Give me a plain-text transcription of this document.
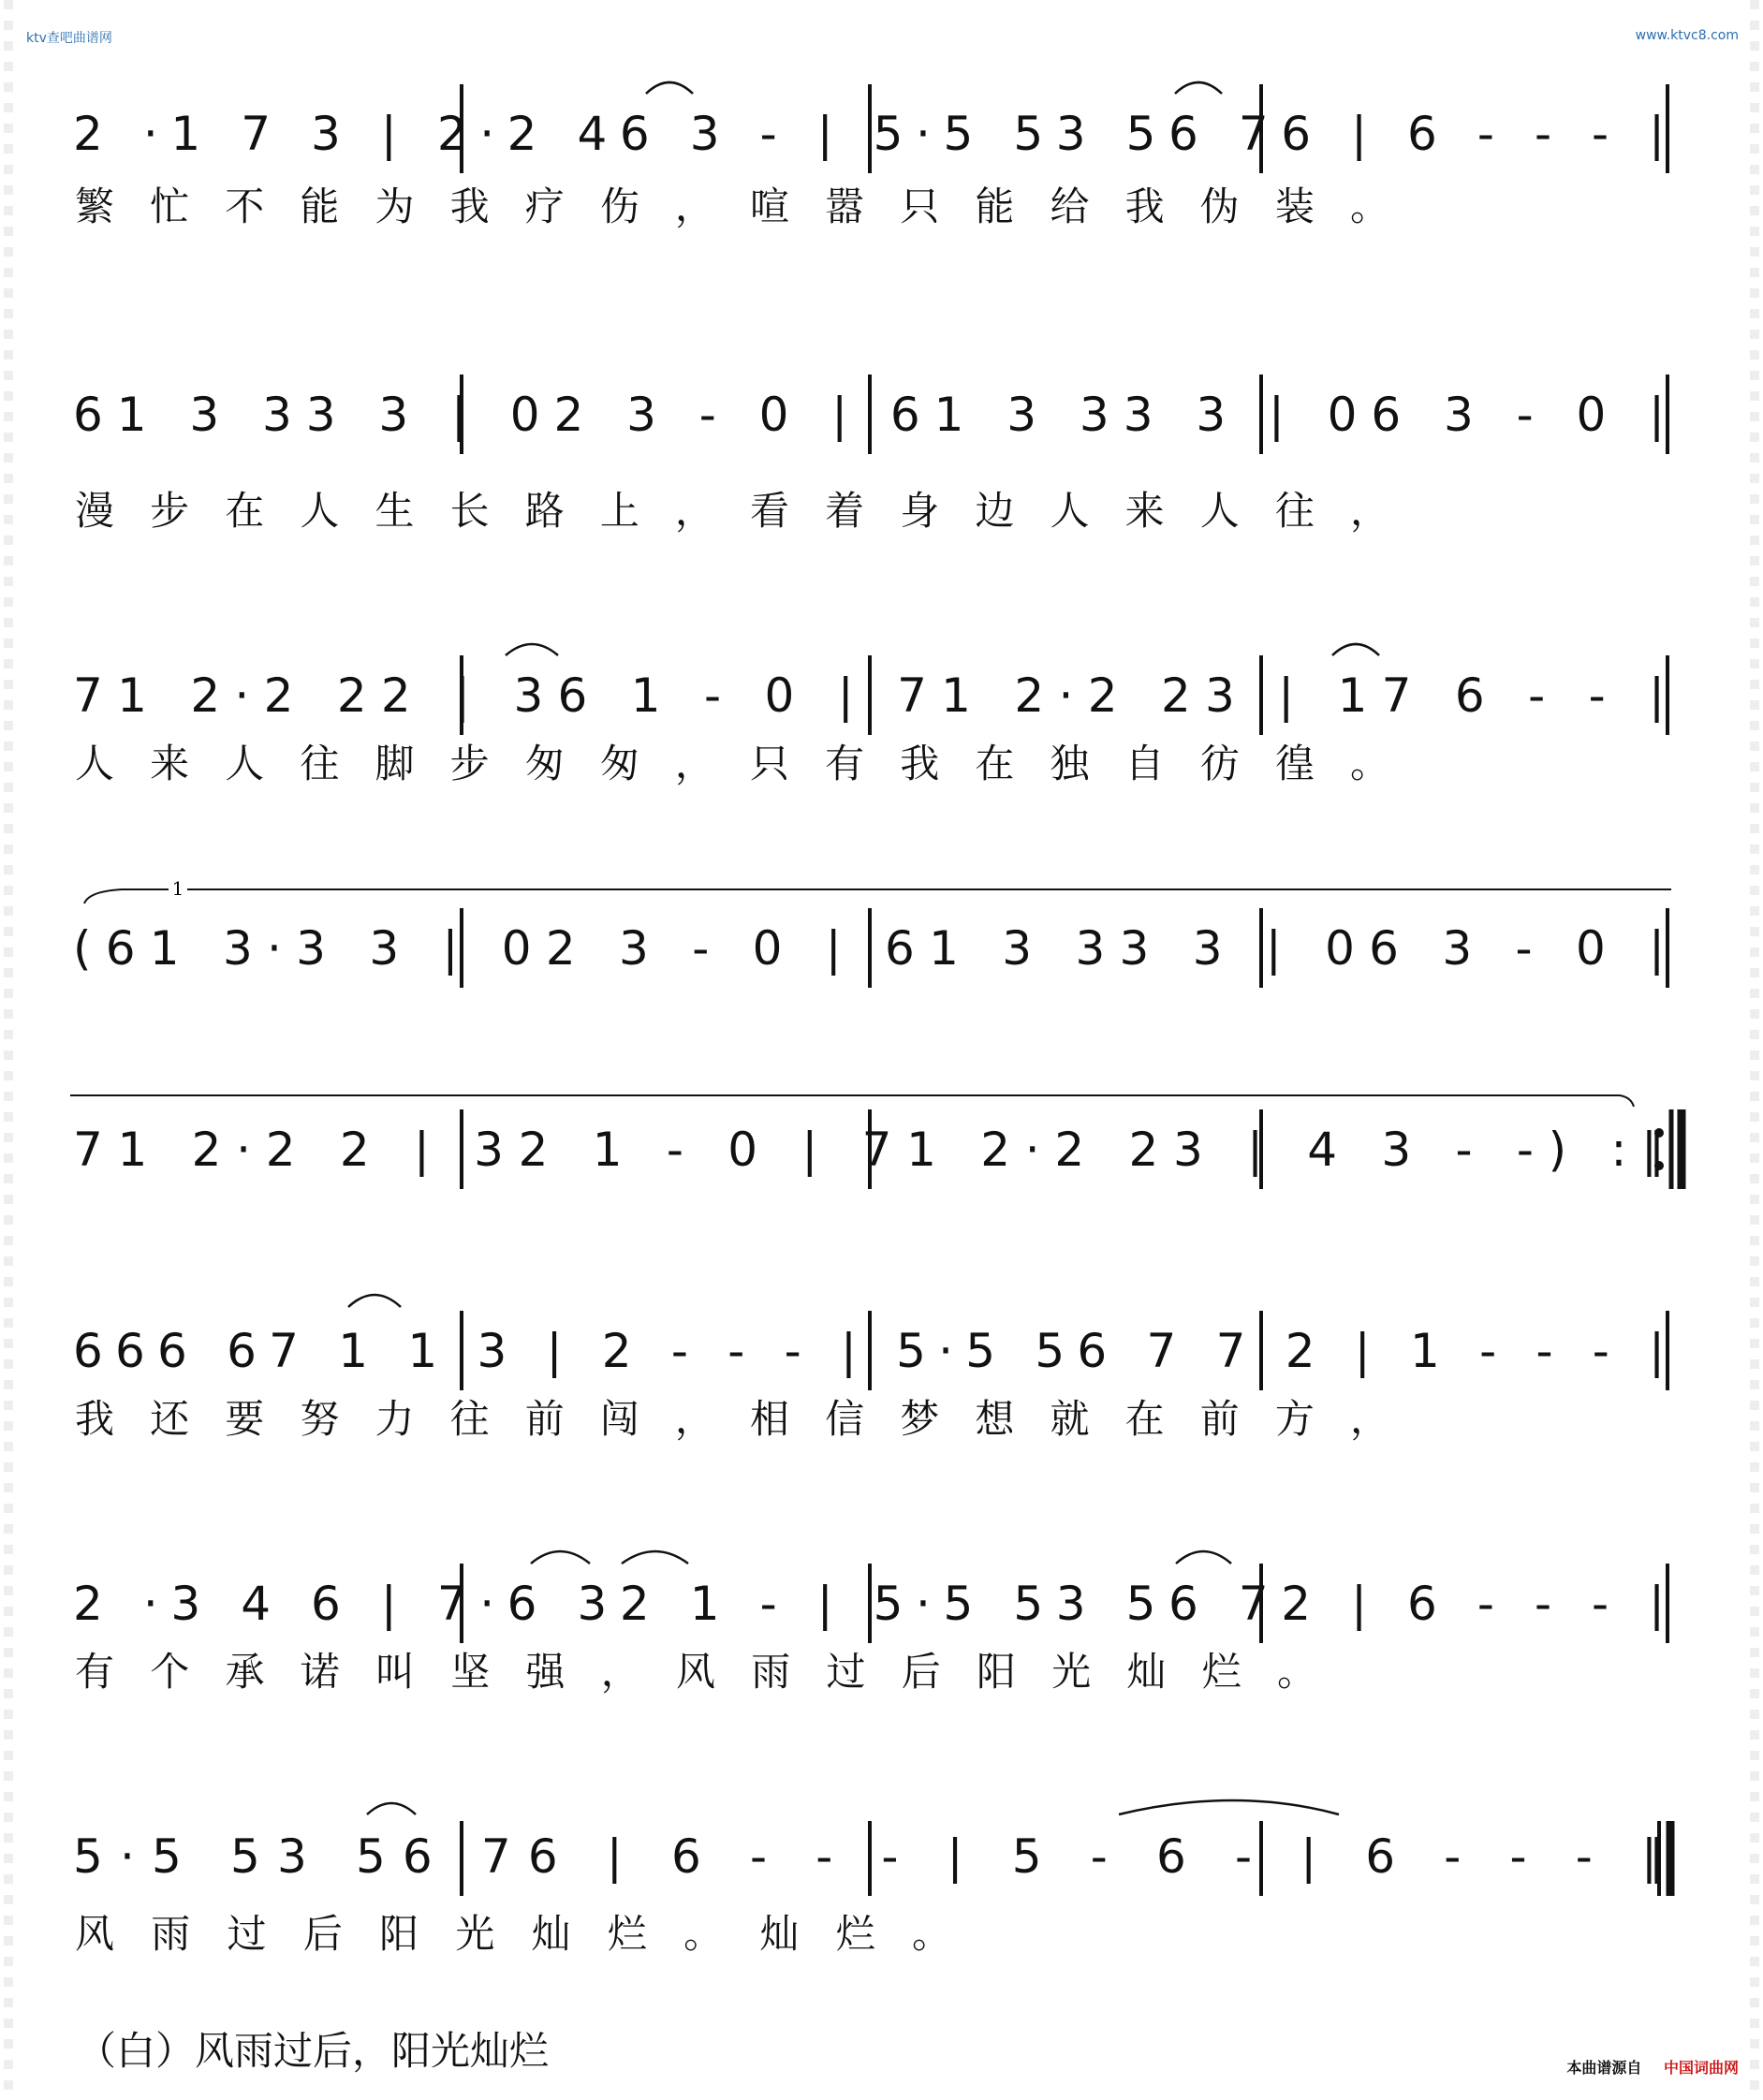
ktv查吧曲谱网	www.ktvc8.com
1
2 ·1 7 3 | 2·2 46 3 - | 5·5 53 56 76 | 6 - - - |
61 3 33 3 | 02 3 - 0 | 61 3 33 3 | 06 3 - 0 |
71 2·2 22 | 36 1 - 0 | 71 2·2 23 | 17 6 - - |
(61 3·3 3 | 02 3 - 0 | 61 3 33 3 | 06 3 - 0 |
71 2·2 2 | 32 1 - 0 | 71 2·2 23 | 4 3 - -) :‖
666 67 1 1 3 | 2 - - - | 5·5 56 7 7 2 | 1 - - - |
2 ·3 4 6 | 7·6 32 1 - | 5·5 53 56 72 | 6 - - - |
5·5 53 56 76 | 6 - - - | 5 - 6 - | 6 - - - ‖
繁忙不能为我疗伤，喧嚣只能给我伪装。
漫步在人生长路上，看着身边人来人往，
人来人往脚步匆匆，只有我在独自彷徨。
我还要努力往前闯，相信梦想就在前方，
有个承诺叫坚强，风雨过后阳光灿烂。
风雨过后阳光灿烂。灿烂。
（白）风雨过后，阳光灿烂	本曲谱源自 中国词曲网
